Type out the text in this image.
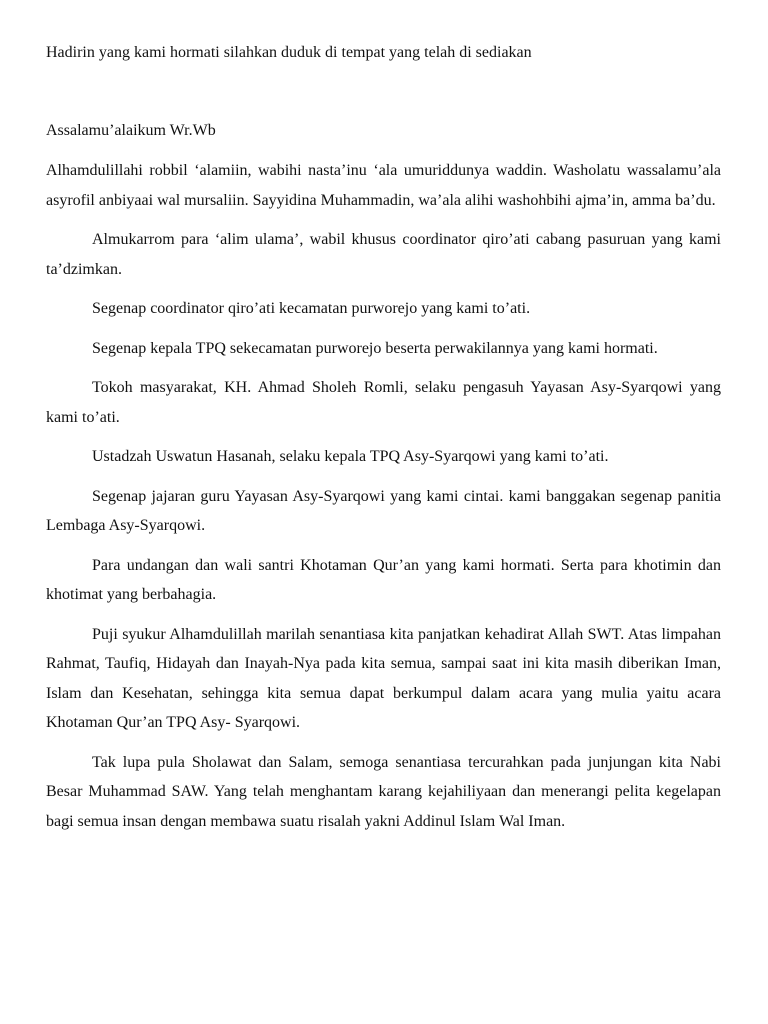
Hadirin yang kami hormati silahkan duduk di tempat yang telah di sediakan
Assalamu’alaikum Wr.Wb

Alhamdulillahi robbil ‘alamiin, wabihi nasta’inu ‘ala umuriddunya waddin. Washolatu wassalamu’ala asyrofil anbiyaai wal mursaliin. Sayyidina Muhammadin, wa’ala alihi washohbihi ajma’in, amma ba’du.

Almukarrom para ‘alim ulama’, wabil khusus coordinator qiro’ati cabang pasuruan yang kami ta’dzimkan.

Segenap coordinator qiro’ati kecamatan purworejo yang kami to’ati.

Segenap kepala TPQ sekecamatan purworejo beserta perwakilannya yang kami hormati.

Tokoh masyarakat, KH. Ahmad Sholeh Romli, selaku pengasuh Yayasan Asy-Syarqowi yang kami to’ati.

Ustadzah Uswatun Hasanah, selaku kepala TPQ Asy-Syarqowi yang kami to’ati.

Segenap jajaran guru Yayasan Asy-Syarqowi yang kami cintai. kami banggakan segenap panitia Lembaga Asy-Syarqowi.

Para undangan dan wali santri Khotaman Qur’an yang kami hormati. Serta para khotimin dan khotimat yang berbahagia.

Puji syukur Alhamdulillah marilah senantiasa kita panjatkan kehadirat Allah SWT. Atas limpahan Rahmat, Taufiq, Hidayah dan Inayah-Nya pada kita semua, sampai saat ini kita masih diberikan Iman, Islam dan Kesehatan, sehingga kita semua dapat berkumpul dalam acara yang mulia yaitu acara Khotaman Qur’an TPQ Asy- Syarqowi.

Tak lupa pula Sholawat dan Salam, semoga senantiasa tercurahkan pada junjungan kita Nabi Besar Muhammad SAW. Yang telah menghantam karang kejahiliyaan dan menerangi pelita kegelapan bagi semua insan dengan membawa suatu risalah yakni Addinul Islam Wal Iman.
